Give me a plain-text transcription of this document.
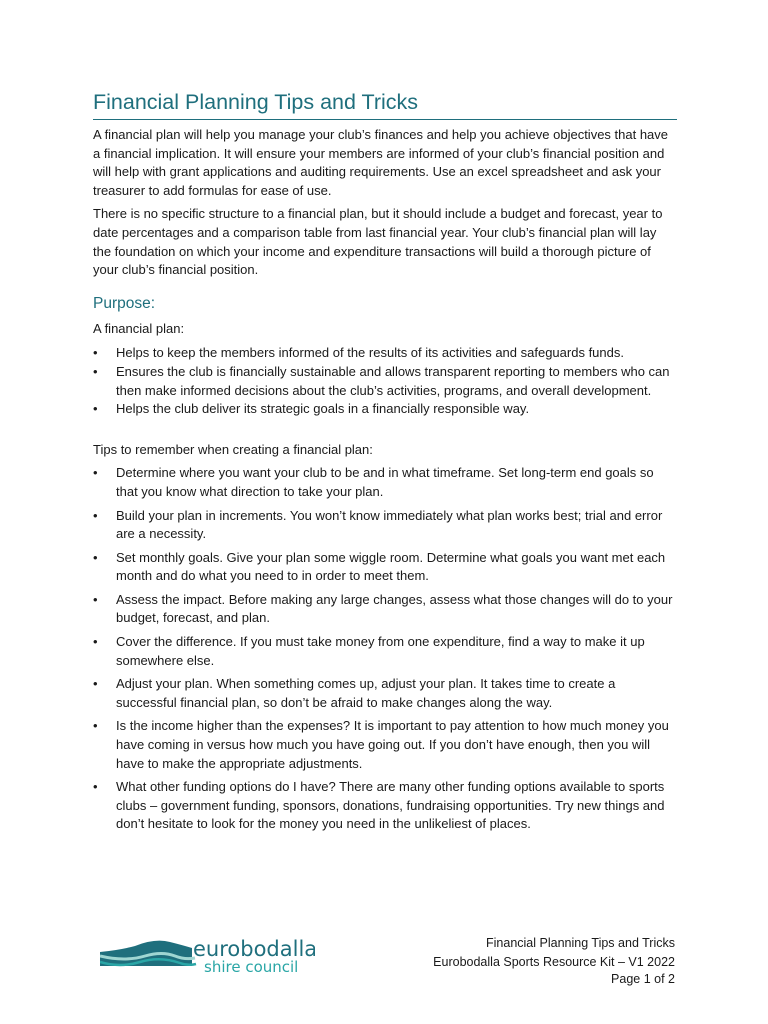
Financial Planning Tips and Tricks

A financial plan will help you manage your club’s finances and help you achieve objectives that have a financial implication. It will ensure your members are informed of your club’s financial position and will help with grant applications and auditing requirements. Use an excel spreadsheet and ask your treasurer to add formulas for ease of use.

There is no specific structure to a financial plan, but it should include a budget and forecast, year to date percentages and a comparison table from last financial year. Your club’s financial plan will lay the foundation on which your income and expenditure transactions will build a thorough picture of your club’s financial position.

Purpose:

A financial plan:

• Helps to keep the members informed of the results of its activities and safeguards funds.
• Ensures the club is financially sustainable and allows transparent reporting to members who can then make informed decisions about the club’s activities, programs, and overall development.
• Helps the club deliver its strategic goals in a financially responsible way.

Tips to remember when creating a financial plan:

• Determine where you want your club to be and in what timeframe. Set long-term end goals so that you know what direction to take your plan.
• Build your plan in increments. You won’t know immediately what plan works best; trial and error are a necessity.
• Set monthly goals. Give your plan some wiggle room. Determine what goals you want met each month and do what you need to in order to meet them.
• Assess the impact. Before making any large changes, assess what those changes will do to your budget, forecast, and plan.
• Cover the difference. If you must take money from one expenditure, find a way to make it up somewhere else.
• Adjust your plan. When something comes up, adjust your plan. It takes time to create a successful financial plan, so don’t be afraid to make changes along the way.
• Is the income higher than the expenses? It is important to pay attention to how much money you have coming in versus how much you have going out. If you don’t have enough, then you will have to make the appropriate adjustments.
• What other funding options do I have? There are many other funding options available to sports clubs – government funding, sponsors, donations, fundraising opportunities. Try new things and don’t hesitate to look for the money you need in the unlikeliest of places.
eurobodalla
shire council
Financial Planning Tips and Tricks
Eurobodalla Sports Resource Kit – V1 2022
Page 1 of 2
